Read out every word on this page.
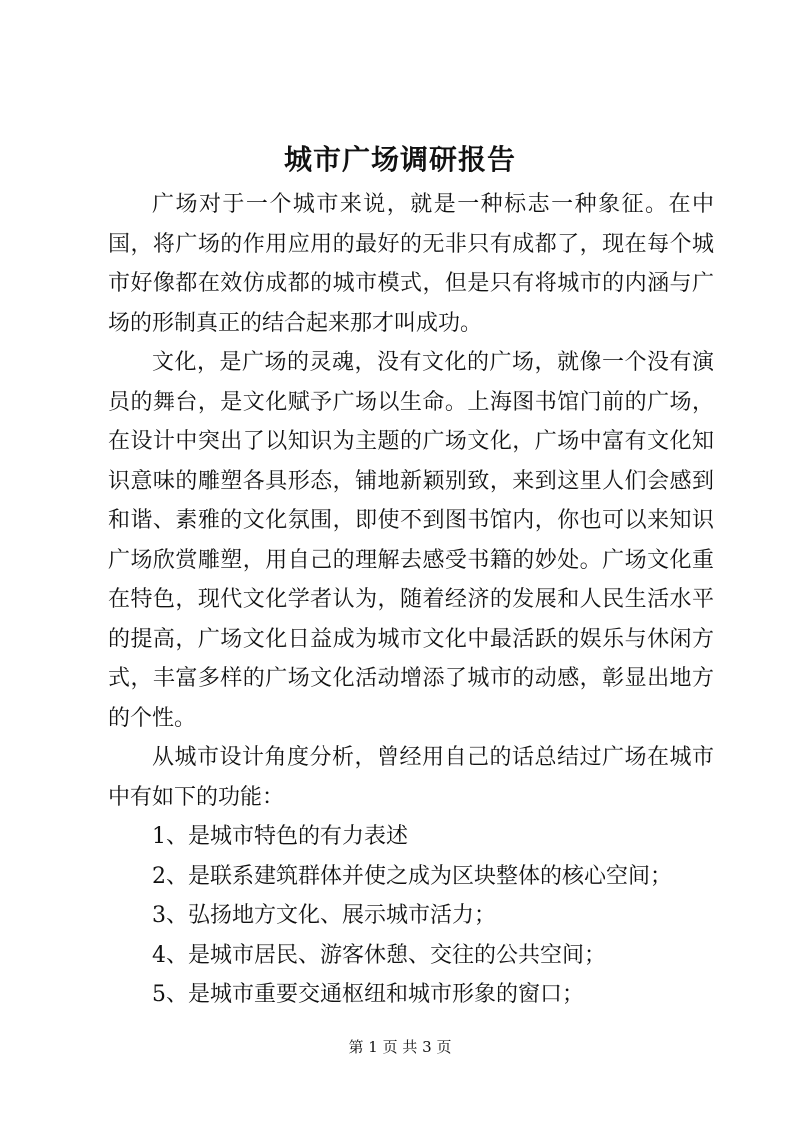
城市广场调研报告

广场对于一个城市来说，就是一种标志一种象征。在中国，将广场的作用应用的最好的无非只有成都了，现在每个城市好像都在效仿成都的城市模式，但是只有将城市的内涵与广场的形制真正的结合起来那才叫成功。

文化，是广场的灵魂，没有文化的广场，就像一个没有演员的舞台，是文化赋予广场以生命。上海图书馆门前的广场，在设计中突出了以知识为主题的广场文化，广场中富有文化知识意味的雕塑各具形态，铺地新颖别致，来到这里人们会感到和谐、素雅的文化氛围，即使不到图书馆内，你也可以来知识广场欣赏雕塑，用自己的理解去感受书籍的妙处。广场文化重在特色，现代文化学者认为，随着经济的发展和人民生活水平的提高，广场文化日益成为城市文化中最活跃的娱乐与休闲方式，丰富多样的广场文化活动增添了城市的动感，彰显出地方的个性。

从城市设计角度分析，曾经用自己的话总结过广场在城市中有如下的功能：

1、是城市特色的有力表述

2、是联系建筑群体并使之成为区块整体的核心空间；

3、弘扬地方文化、展示城市活力；

4、是城市居民、游客休憩、交往的公共空间；

5、是城市重要交通枢纽和城市形象的窗口；

第 1 页 共 3 页
